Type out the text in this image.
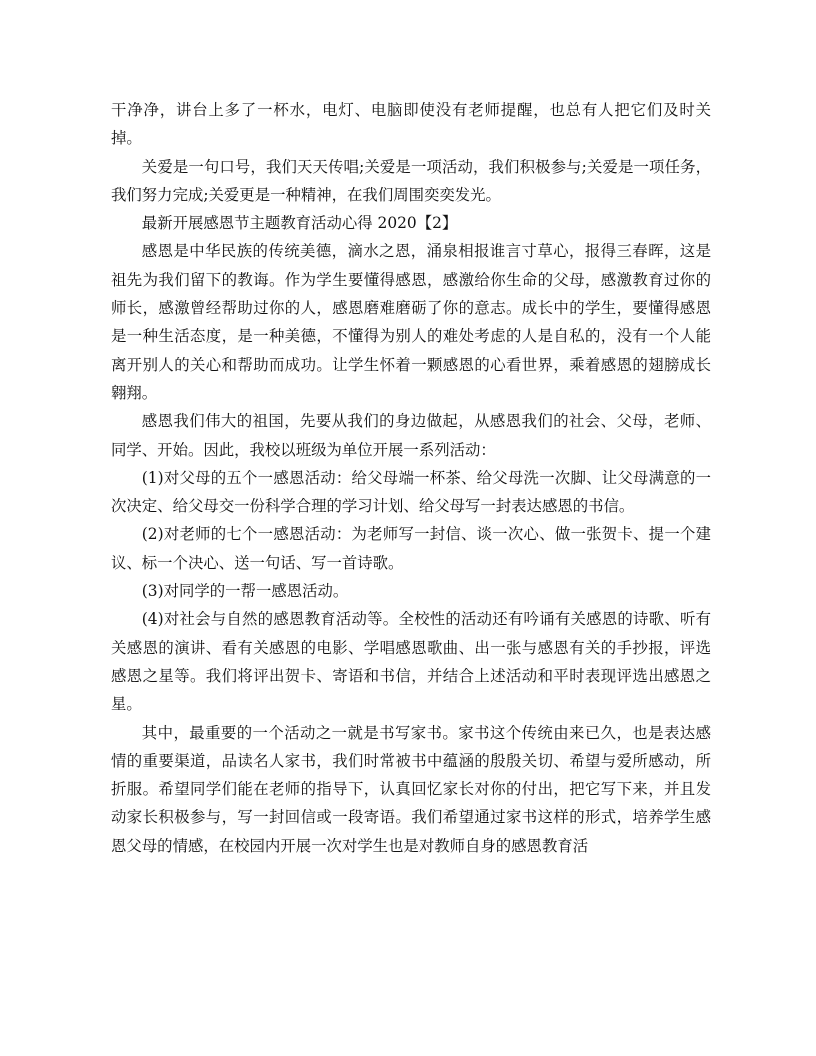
干净净，讲台上多了一杯水，电灯、电脑即使没有老师提醒，也总有人把它们及时关掉。

关爱是一句口号，我们天天传唱;关爱是一项活动，我们积极参与;关爱是一项任务，我们努力完成;关爱更是一种精神，在我们周围奕奕发光。

最新开展感恩节主题教育活动心得 2020【2】

感恩是中华民族的传统美德，滴水之恩，涌泉相报谁言寸草心，报得三春晖，这是祖先为我们留下的教诲。作为学生要懂得感恩，感激给你生命的父母，感激教育过你的师长，感激曾经帮助过你的人，感恩磨难磨砺了你的意志。成长中的学生，要懂得感恩是一种生活态度，是一种美德，不懂得为别人的难处考虑的人是自私的，没有一个人能离开别人的关心和帮助而成功。让学生怀着一颗感恩的心看世界，乘着感恩的翅膀成长翱翔。

感恩我们伟大的祖国，先要从我们的身边做起，从感恩我们的社会、父母，老师、同学、开始。因此，我校以班级为单位开展一系列活动：

(1)对父母的五个一感恩活动：给父母端一杯茶、给父母洗一次脚、让父母满意的一次决定、给父母交一份科学合理的学习计划、给父母写一封表达感恩的书信。

(2)对老师的七个一感恩活动：为老师写一封信、谈一次心、做一张贺卡、提一个建议、标一个决心、送一句话、写一首诗歌。

(3)对同学的一帮一感恩活动。

(4)对社会与自然的感恩教育活动等。全校性的活动还有吟诵有关感恩的诗歌、听有关感恩的演讲、看有关感恩的电影、学唱感恩歌曲、出一张与感恩有关的手抄报，评选感恩之星等。我们将评出贺卡、寄语和书信，并结合上述活动和平时表现评选出感恩之星。

其中，最重要的一个活动之一就是书写家书。家书这个传统由来已久，也是表达感情的重要渠道，品读名人家书，我们时常被书中蕴涵的殷殷关切、希望与爱所感动，所折服。希望同学们能在老师的指导下，认真回忆家长对你的付出，把它写下来，并且发动家长积极参与，写一封回信或一段寄语。我们希望通过家书这样的形式，培养学生感恩父母的情感，在校园内开展一次对学生也是对教师自身的感恩教育活
